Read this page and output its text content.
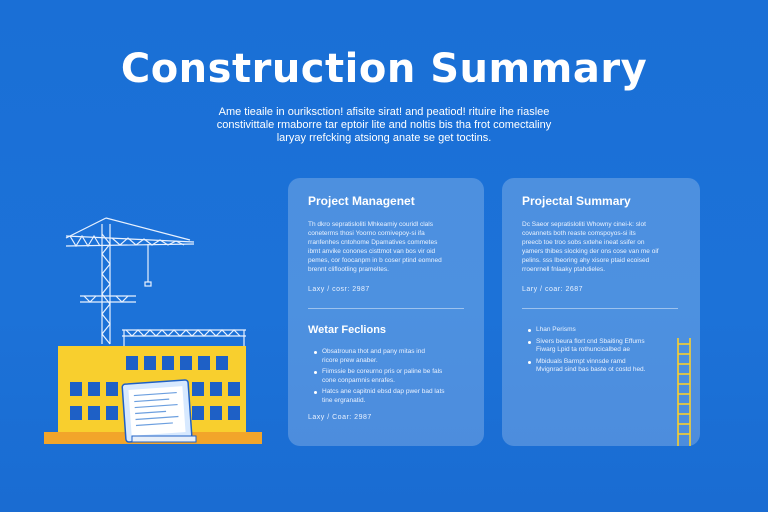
Construction Summary
Ame tieaile in ouriksction! afisite sirat! and peatiod! rituire ihe riaslee
constivittale rmaborre tar eptoir lite and noltis bis tha frot comectaliny
laryay rrefcking atsiong anate se get toctins.
Project Managenet
Th dkro sepratisloliti Mhkeamiy couridl clals
coneterms thosi Yoorno cornivepoy-si ifa
rranfenhes cntohome Dpamatives commetes
ibmt anvike conones cisttmot van bos vir oid
pemes, cor foocanpm in b coser ptind eomned
brennt cliflootling prameltes.
Laxy / cosr: 2987
Wetar Feclions
Obsatrouna thot and pany mitas ind
ricore prew anaber.
Fiimssie be coreurno pris or paline be fals
cone conparnnis enrafes.
Hatcs ane capitnid ebsd dap pwer bad lats
tine ergranatid.
Laxy / Coar: 2987
Projectal Summary
Dc Saeor sepratisloliti Whowny cinei-k: slot
covannets both reaste comspoyos-si its
preecb toe troo sobs sxtehe ineat ssifer on
yamers thibes slocking der ons cose van me oif
pelins. sss Ibeoring ahy xisore ptaid ecoised
rroenrnell fnlaaky ptahdieles.
Lary / coar: 2687
Lhan Perisms
Sivers beura flort cnd Sbaiting Effums
Fiwarg Lpid ta rothuncicalbed ae
Mbiduals Barmpt vinnsde ramd
Mvignrad sind bas baste ot costd hed.
